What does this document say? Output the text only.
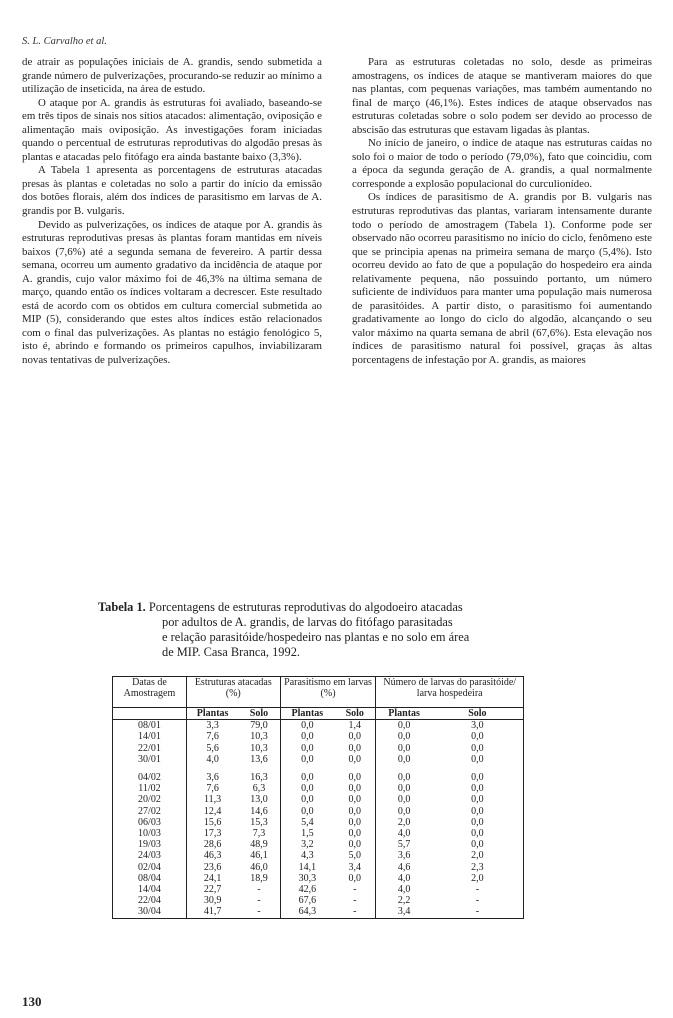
S. L. Carvalho et al.

de atrair as populações iniciais de A. grandis, sendo submetida a grande número de pulverizações, procurando-se reduzir ao mínimo a utilização de inseticida, na área de estudo.

O ataque por A. grandis às estruturas foi avaliado, baseando-se em três tipos de sinais nos sítios atacados: alimentação, oviposição e alimentação mais oviposição. As investigações foram iniciadas quando o percentual de estruturas reprodutivas do algodão presas às plantas e atacadas pelo fitófago era ainda bastante baixo (3,3%).

A Tabela 1 apresenta as porcentagens de estruturas atacadas presas às plantas e coletadas no solo a partir do início da emissão dos botões florais, além dos índices de parasitismo em larvas de A. grandis por B. vulgaris.

Devido as pulverizações, os índices de ataque por A. grandis às estruturas reprodutivas presas às plantas foram mantidas em níveis baixos (7,6%) até a segunda semana de fevereiro. A partir dessa semana, ocorreu um aumento gradativo da incidência de ataque por A. grandis, cujo valor máximo foi de 46,3% na última semana de março, quando então os índices voltaram a decrescer. Este resultado está de acordo com os obtidos em cultura comercial submetida ao MIP (5), considerando que estes altos índices estão relacionados com o final das pulverizações. As plantas no estágio fenológico 5, isto é, abrindo e formando os primeiros capulhos, inviabilizaram novas tentativas de pulverizações.

Para as estruturas coletadas no solo, desde as primeiras amostragens, os índices de ataque se mantiveram maiores do que nas plantas, com pequenas variações, mas também aumentando no final de março (46,1%). Estes índices de ataque observados nas estruturas coletadas sobre o solo podem ser devido ao processo de abscisão das estruturas que estavam ligadas às plantas.

No início de janeiro, o índice de ataque nas estruturas caídas no solo foi o maior de todo o período (79,0%), fato que coincidiu, com a época da segunda geração de A. grandis, a qual normalmente corresponde a explosão populacional do curculionídeo.

Os índices de parasitismo de A. grandis por B. vulgaris nas estruturas reprodutivas das plantas, variaram intensamente durante todo o período de amostragem (Tabela 1). Conforme pode ser observado não ocorreu parasitismo no início do ciclo, fenômeno este que se principia apenas na primeira semana de março (5,4%). Isto ocorreu devido ao fato de que a população do hospedeiro era ainda relativamente pequena, não possuindo portanto, um número suficiente de indivíduos para manter uma população mais numerosa de parasitóides. A partir disto, o parasitismo foi aumentando gradativamente ao longo do ciclo do algodão, alcançando o seu valor máximo na quarta semana de abril (67,6%). Esta elevação nos índices de parasitismo natural foi possível, graças às altas porcentagens de infestação por A. grandis, as maiores

Tabela 1. Porcentagens de estruturas reprodutivas do algodoeiro atacadas
por adultos de A. grandis, de larvas do fitófago parasitadas
e relação parasitóide/hospedeiro nas plantas e no solo em área
de MIP. Casa Branca, 1992.
Datas de Amostragem	Estruturas atacadas (%)		Parasitismo em larvas (%)		Número de larvas do parasitóide/ larva hospedeira	
	Plantas	Solo	Plantas	Solo	Plantas	Solo
08/01	3,3	79,0	0,0	1,4	0,0	3,0
14/01	7,6	10,3	0,0	0,0	0,0	0,0
22/01	5,6	10,3	0,0	0,0	0,0	0,0
30/01	4,0	13,6	0,0	0,0	0,0	0,0

04/02	3,6	16,3	0,0	0,0	0,0	0,0
11/02	7,6	6,3	0,0	0,0	0,0	0,0
20/02	11,3	13,0	0,0	0,0	0,0	0,0
27/02	12,4	14,6	0,0	0,0	0,0	0,0
06/03	15,6	15,3	5,4	0,0	2,0	0,0
10/03	17,3	7,3	1,5	0,0	4,0	0,0
19/03	28,6	48,9	3,2	0,0	5,7	0,0
24/03	46,3	46,1	4,3	5,0	3,6	2,0
02/04	23,6	46,0	14,1	3,4	4,6	2,3
08/04	24,1	18,9	30,3	0,0	4,0	2,0
14/04	22,7	-	42,6	-	4,0	-
22/04	30,9	-	67,6	-	2,2	-
30/04	41,7	-	64,3	-	3,4	-
130
